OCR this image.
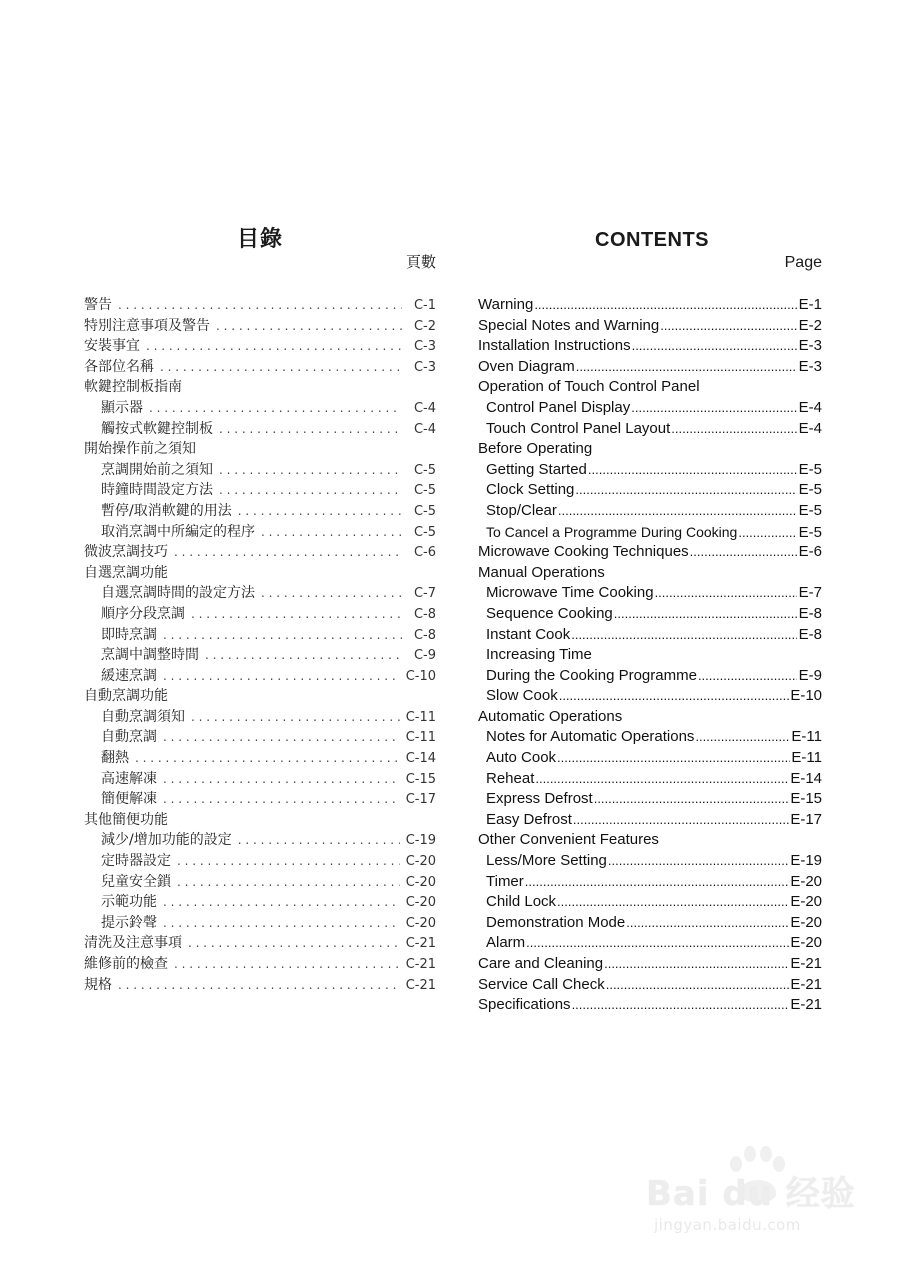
目錄
頁數
警告 . . .	C-1
特別注意事項及警告 . . .	C-2
安裝事宜 . . .	C-3
各部位名稱 . . .	C-3
軟鍵控制板指南
顯示器 . . .	C-4
觸按式軟鍵控制板 . . .	C-4
開始操作前之須知
烹調開始前之須知 . . .	C-5
時鐘時間設定方法 . . .	C-5
暫停/取消軟鍵的用法 . . .	C-5
取消烹調中所編定的程序 . . .	C-5
微波烹調技巧 . . .	C-6
自選烹調功能
自選烹調時間的設定方法 . . .	C-7
順序分段烹調 . . .	C-8
即時烹調 . . .	C-8
烹調中調整時間 . . .	C-9
緩速烹調 . . .	C-10
自動烹調功能
自動烹調須知 . . .	C-11
自動烹調 . . .	C-11
翻熱 . . .	C-14
高速解凍 . . .	C-15
簡便解凍 . . .	C-17
其他簡便功能
減少/增加功能的設定 . . .	C-19
定時器設定 . . .	C-20
兒童安全鎖 . . .	C-20
示範功能 . . .	C-20
提示鈴聲 . . .	C-20
清洗及注意事項 . . .	C-21
維修前的檢查 . . .	C-21
規格 . . .	C-21
CONTENTS
Page
Warning .....	E-1
Special Notes and Warning .....	E-2
Installation Instructions .....	E-3
Oven Diagram .....	E-3
Operation of Touch Control Panel
Control Panel Display .....	E-4
Touch Control Panel Layout .....	E-4
Before Operating
Getting Started .....	E-5
Clock Setting .....	E-5
Stop/Clear .....	E-5
To Cancel a Programme During Cooking .....	E-5
Microwave Cooking Techniques .....	E-6
Manual Operations
Microwave Time Cooking .....	E-7
Sequence Cooking .....	E-8
Instant Cook .....	E-8
Increasing Time
During the Cooking Programme .....	E-9
Slow Cook .....	E-10
Automatic Operations
Notes for Automatic Operations .....	E-11
Auto Cook .....	E-11
Reheat .....	E-14
Express Defrost .....	E-15
Easy Defrost .....	E-17
Other Convenient Features
Less/More Setting .....	E-19
Timer .....	E-20
Child Lock .....	E-20
Demonstration Mode .....	E-20
Alarm .....	E-20
Care and Cleaning .....	E-21
Service Call Check .....	E-21
Specifications .....	E-21
Bai du 经验
jingyan.baidu.com
